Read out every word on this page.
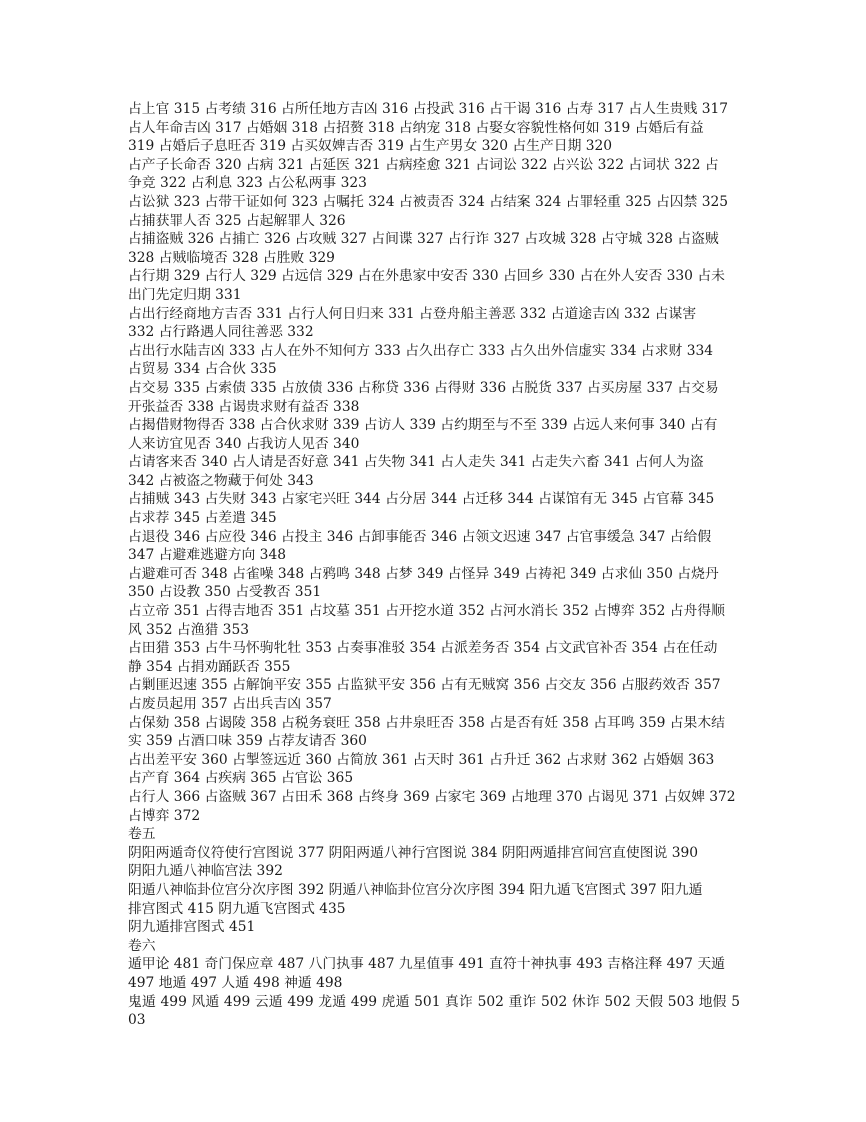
占上官 315 占考绩 316 占所任地方吉凶 316 占投武 316 占干谒 316 占寿 317 占人生贵贱 317
占人年命吉凶 317 占婚姻 318 占招赘 318 占纳宠 318 占娶女容貌性格何如 319 占婚后有益
319 占婚后子息旺否 319 占买奴婢吉否 319 占生产男女 320 占生产日期 320
占产子长命否 320 占病 321 占延医 321 占病痊愈 321 占词讼 322 占兴讼 322 占词状 322 占
争竞 322 占利息 323 占公私两事 323
占讼狱 323 占带干证如何 323 占嘱托 324 占被责否 324 占结案 324 占罪轻重 325 占囚禁 325
占捕获罪人否 325 占起解罪人 326
占捕盗贼 326 占捕亡 326 占攻贼 327 占间谍 327 占行诈 327 占攻城 328 占守城 328 占盗贼
328 占贼临境否 328 占胜败 329
占行期 329 占行人 329 占远信 329 占在外患家中安否 330 占回乡 330 占在外人安否 330 占未
出门先定归期 331
占出行经商地方吉否 331 占行人何日归来 331 占登舟船主善恶 332 占道途吉凶 332 占谋害
332 占行路遇人同往善恶 332
占出行水陆吉凶 333 占人在外不知何方 333 占久出存亡 333 占久出外信虚实 334 占求财 334
占贸易 334 占合伙 335
占交易 335 占索债 335 占放债 336 占称贷 336 占得财 336 占脱货 337 占买房屋 337 占交易
开张益否 338 占谒贵求财有益否 338
占揭借财物得否 338 占合伙求财 339 占访人 339 占约期至与不至 339 占远人来何事 340 占有
人来访宜见否 340 占我访人见否 340
占请客来否 340 占人请是否好意 341 占失物 341 占人走失 341 占走失六畜 341 占何人为盗
342 占被盗之物藏于何处 343
占捕贼 343 占失财 343 占家宅兴旺 344 占分居 344 占迁移 344 占谋馆有无 345 占官幕 345
占求荐 345 占差遣 345
占退役 346 占应役 346 占投主 346 占卸事能否 346 占领文迟速 347 占官事缓急 347 占给假
347 占避难逃避方向 348
占避难可否 348 占雀噪 348 占鸦鸣 348 占梦 349 占怪异 349 占祷祀 349 占求仙 350 占烧丹
350 占设教 350 占受教否 351
占立帝 351 占得吉地否 351 占坟墓 351 占开挖水道 352 占河水消长 352 占博弈 352 占舟得顺
风 352 占渔猎 353
占田猎 353 占牛马怀驹牝牡 353 占奏事准驳 354 占派差务否 354 占文武官补否 354 占在任动
静 354 占捐劝踊跃否 355
占剿匪迟速 355 占解饷平安 355 占监狱平安 356 占有无贼窝 356 占交友 356 占服药效否 357
占废员起用 357 占出兵吉凶 357
占保劾 358 占谒陵 358 占税务衰旺 358 占井泉旺否 358 占是否有妊 358 占耳鸣 359 占果木结
实 359 占酒口味 359 占荐友请否 360
占出差平安 360 占掣签远近 360 占简放 361 占天时 361 占升迁 362 占求财 362 占婚姻 363
占产育 364 占疾病 365 占官讼 365
占行人 366 占盗贼 367 占田禾 368 占终身 369 占家宅 369 占地理 370 占谒见 371 占奴婢 372
占博弈 372
卷五
阴阳两遁奇仪符使行宫图说 377 阴阳两遁八神行宫图说 384 阴阳两遁排宫间宫直使图说 390
阴阳九遁八神临宫法 392
阳遁八神临卦位宫分次序图 392 阴遁八神临卦位宫分次序图 394 阳九遁飞宫图式 397 阳九遁
排宫图式 415 阴九遁飞宫图式 435
阴九遁排宫图式 451
卷六
遁甲论 481 奇门保应章 487 八门执事 487 九星值事 491 直符十神执事 493 吉格注释 497 天遁
497 地遁 497 人遁 498 神遁 498
鬼遁 499 风遁 499 云遁 499 龙遁 499 虎遁 501 真诈 502 重诈 502 休诈 502 天假 503 地假 503
